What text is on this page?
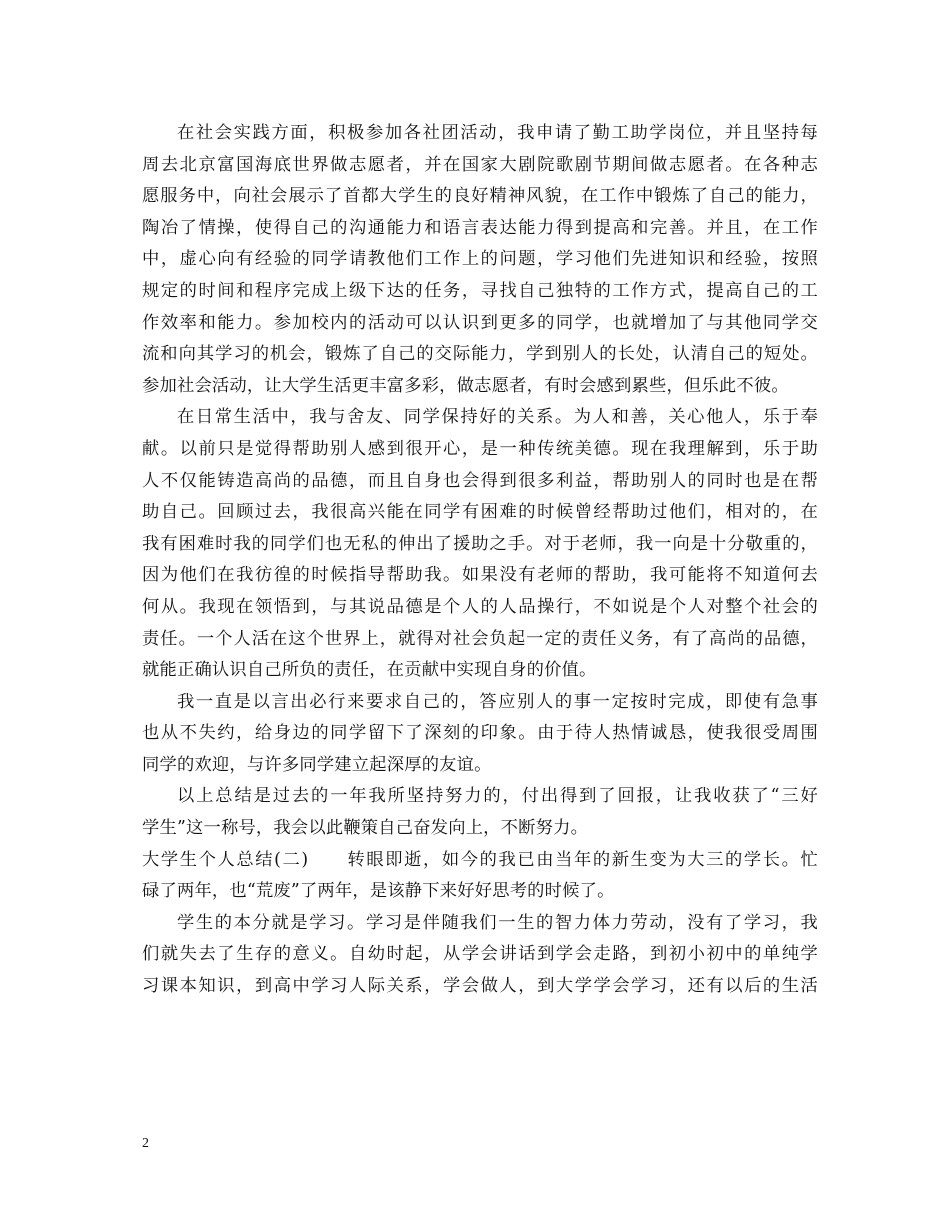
在社会实践方面，积极参加各社团活动，我申请了勤工助学岗位，并且坚持每
周去北京富国海底世界做志愿者，并在国家大剧院歌剧节期间做志愿者。在各种志
愿服务中，向社会展示了首都大学生的良好精神风貌，在工作中锻炼了自己的能力，
陶冶了情操，使得自己的沟通能力和语言表达能力得到提高和完善。并且，在工作
中，虚心向有经验的同学请教他们工作上的问题，学习他们先进知识和经验，按照
规定的时间和程序完成上级下达的任务，寻找自己独特的工作方式，提高自己的工
作效率和能力。参加校内的活动可以认识到更多的同学，也就增加了与其他同学交
流和向其学习的机会，锻炼了自己的交际能力，学到别人的长处，认清自己的短处。
参加社会活动，让大学生活更丰富多彩，做志愿者，有时会感到累些，但乐此不彼。
在日常生活中，我与舍友、同学保持好的关系。为人和善，关心他人，乐于奉
献。以前只是觉得帮助别人感到很开心，是一种传统美德。现在我理解到，乐于助
人不仅能铸造高尚的品德，而且自身也会得到很多利益，帮助别人的同时也是在帮
助自己。回顾过去，我很高兴能在同学有困难的时候曾经帮助过他们，相对的，在
我有困难时我的同学们也无私的伸出了援助之手。对于老师，我一向是十分敬重的，
因为他们在我彷徨的时候指导帮助我。如果没有老师的帮助，我可能将不知道何去
何从。我现在领悟到，与其说品德是个人的人品操行，不如说是个人对整个社会的
责任。一个人活在这个世界上，就得对社会负起一定的责任义务，有了高尚的品德，
就能正确认识自己所负的责任，在贡献中实现自身的价值。
我一直是以言出必行来要求自己的，答应别人的事一定按时完成，即使有急事
也从不失约，给身边的同学留下了深刻的印象。由于待人热情诚恳，使我很受周围
同学的欢迎，与许多同学建立起深厚的友谊。
以上总结是过去的一年我所坚持努力的，付出得到了回报，让我收获了“三好
学生”这一称号，我会以此鞭策自己奋发向上，不断努力。
大学生个人总结(二)　　转眼即逝，如今的我已由当年的新生变为大三的学长。忙
碌了两年，也“荒废”了两年，是该静下来好好思考的时候了。
学生的本分就是学习。学习是伴随我们一生的智力体力劳动，没有了学习，我
们就失去了生存的意义。自幼时起，从学会讲话到学会走路，到初小初中的单纯学
习课本知识，到高中学习人际关系，学会做人，到大学学会学习，还有以后的生活
2
